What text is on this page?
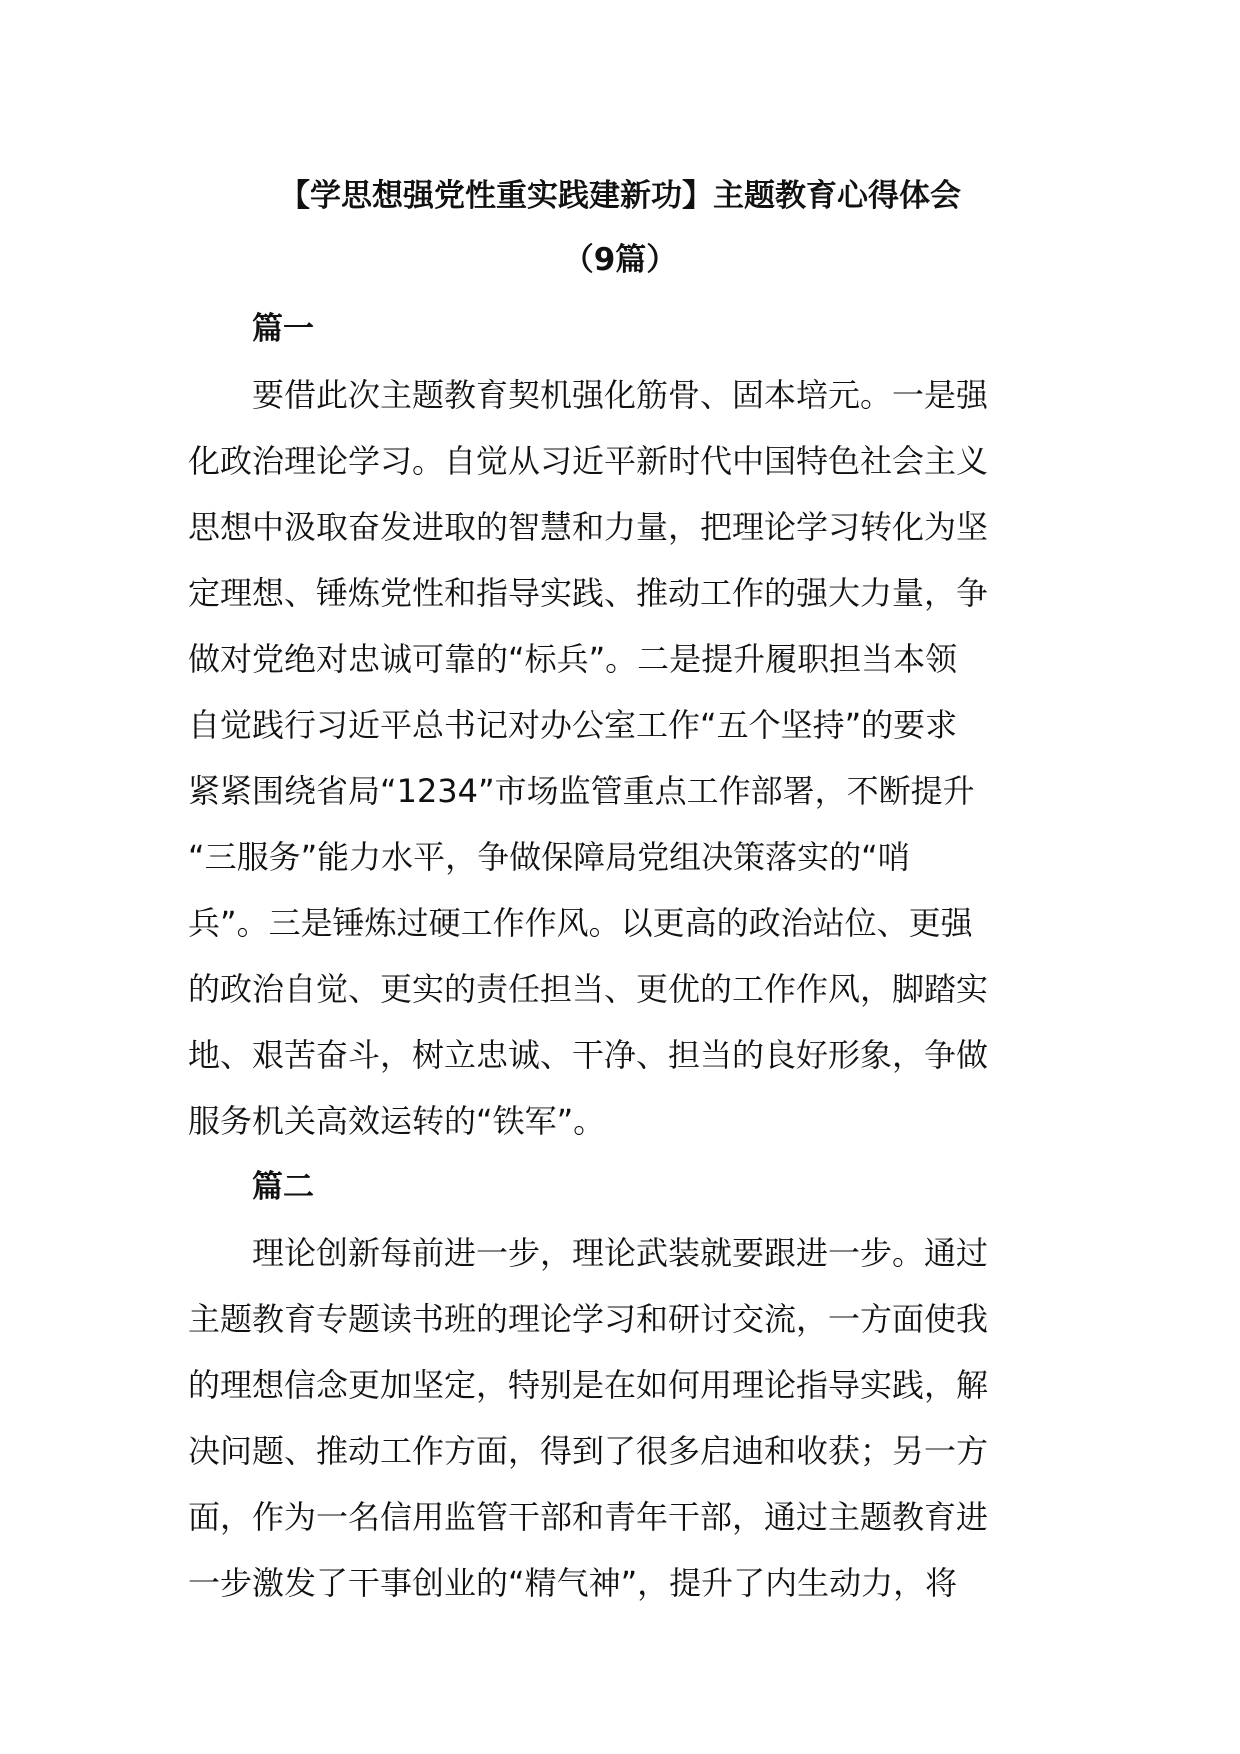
【学思想强党性重实践建新功】主题教育心得体会
（9篇）
篇一
要借此次主题教育契机强化筋骨、固本培元。一是强
化政治理论学习。自觉从习近平新时代中国特色社会主义
思想中汲取奋发进取的智慧和力量，把理论学习转化为坚
定理想、锤炼党性和指导实践、推动工作的强大力量，争
做对党绝对忠诚可靠的“标兵”。二是提升履职担当本领
自觉践行习近平总书记对办公室工作“五个坚持”的要求
紧紧围绕省局“1234”市场监管重点工作部署，不断提升
“三服务”能力水平，争做保障局党组决策落实的“哨
兵”。三是锤炼过硬工作作风。以更高的政治站位、更强
的政治自觉、更实的责任担当、更优的工作作风，脚踏实
地、艰苦奋斗，树立忠诚、干净、担当的良好形象，争做
服务机关高效运转的“铁军”。
篇二
理论创新每前进一步，理论武装就要跟进一步。通过
主题教育专题读书班的理论学习和研讨交流，一方面使我
的理想信念更加坚定，特别是在如何用理论指导实践，解
决问题、推动工作方面，得到了很多启迪和收获；另一方
面，作为一名信用监管干部和青年干部，通过主题教育进
一步激发了干事创业的“精气神”，提升了内生动力，将
